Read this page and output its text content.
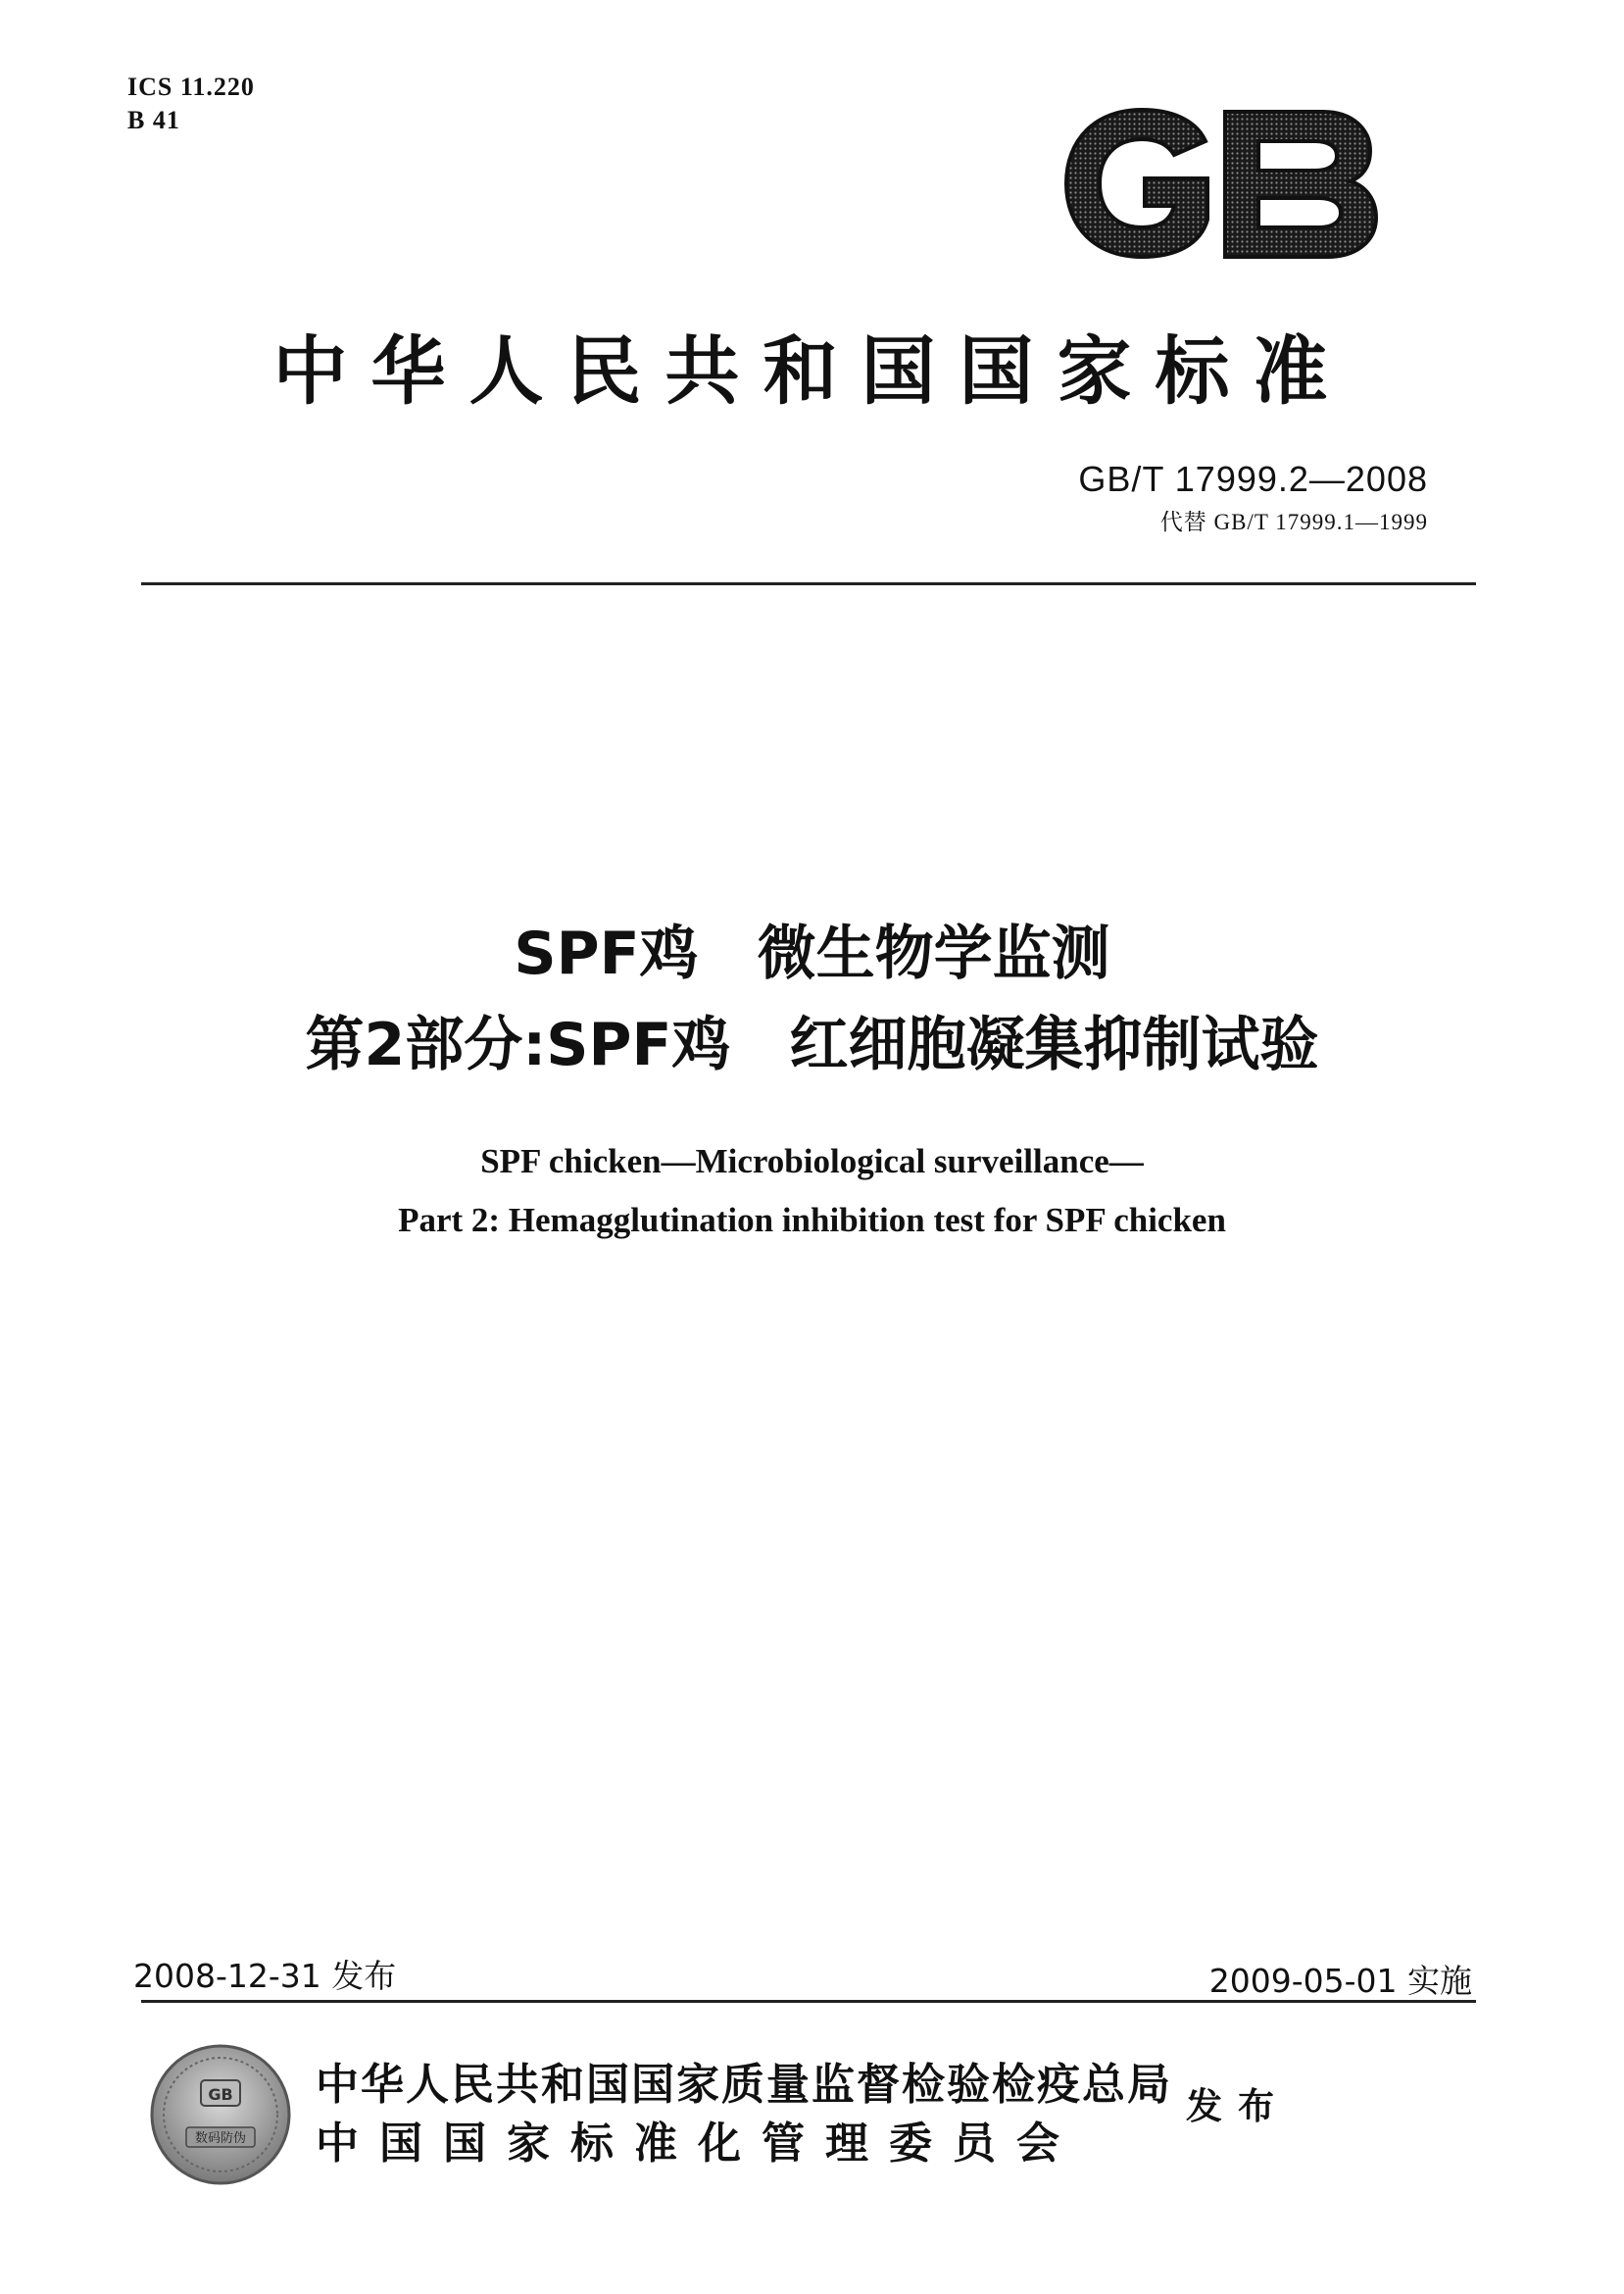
ICS 11.220
B 41
中华人民共和国国家标准
GB/T 17999.2—2008
代替 GB/T 17999.1—1999
SPF鸡　微生物学监测
第2部分:SPF鸡　红细胞凝集抑制试验
SPF chicken—Microbiological surveillance—
Part 2: Hemagglutination inhibition test for SPF chicken
2008-12-31 发布	2009-05-01 实施
GB
数码防伪
中华人民共和国国家质量监督检验检疫总局
中国国家标准化管理委员会
发布
